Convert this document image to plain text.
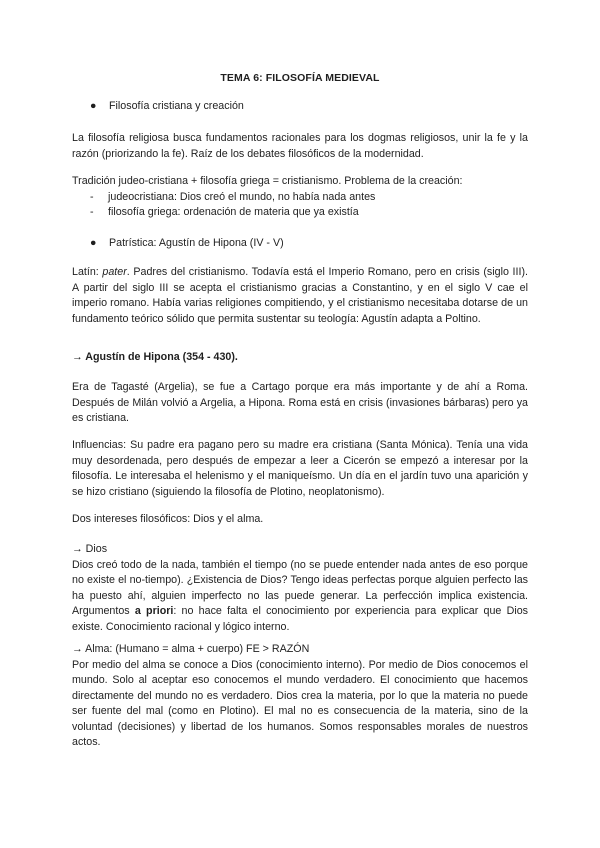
TEMA 6: FILOSOFÍA MEDIEVAL
● Filosofía cristiana y creación

La filosofía religiosa busca fundamentos racionales para los dogmas religiosos, unir la fe y la razón (priorizando la fe). Raíz de los debates filosóficos de la modernidad.

Tradición judeo-cristiana + filosofía griega = cristianismo. Problema de la creación:
- judeocristiana: Dios creó el mundo, no había nada antes
- filosofía griega: ordenación de materia que ya existía
● Patrística: Agustín de Hipona (IV - V)

Latín: pater. Padres del cristianismo. Todavía está el Imperio Romano, pero en crisis (siglo III). A partir del siglo III se acepta el cristianismo gracias a Constantino, y en el siglo V cae el imperio romano. Había varias religiones compitiendo, y el cristianismo necesitaba dotarse de un fundamento teórico sólido que permita sustentar su teología: Agustín adapta a Poltino.

→ Agustín de Hipona (354 - 430).

Era de Tagasté (Argelia), se fue a Cartago porque era más importante y de ahí a Roma. Después de Milán volvió a Argelia, a Hipona. Roma está en crisis (invasiones bárbaras) pero ya es cristiana.

Influencias: Su padre era pagano pero su madre era cristiana (Santa Mónica). Tenía una vida muy desordenada, pero después de empezar a leer a Cicerón se empezó a interesar por la filosofía. Le interesaba el helenismo y el maniqueísmo. Un día en el jardín tuvo una aparición y se hizo cristiano (siguiendo la filosofía de Plotino, neoplatonismo).

Dos intereses filosóficos: Dios y el alma.

→ Dios
Dios creó todo de la nada, también el tiempo (no se puede entender nada antes de eso porque no existe el no-tiempo). ¿Existencia de Dios? Tengo ideas perfectas porque alguien perfecto las ha puesto ahí, alguien imperfecto no las puede generar. La perfección implica existencia. Argumentos a priori: no hace falta el conocimiento por experiencia para explicar que Dios existe. Conocimiento racional y lógico interno.
→ Alma: (Humano = alma + cuerpo) FE > RAZÓN
Por medio del alma se conoce a Dios (conocimiento interno). Por medio de Dios conocemos el mundo. Solo al aceptar eso conocemos el mundo verdadero. El conocimiento que hacemos directamente del mundo no es verdadero. Dios crea la materia, por lo que la materia no puede ser fuente del mal (como en Plotino). El mal no es consecuencia de la materia, sino de la voluntad (decisiones) y libertad de los humanos. Somos responsables morales de nuestros actos.
